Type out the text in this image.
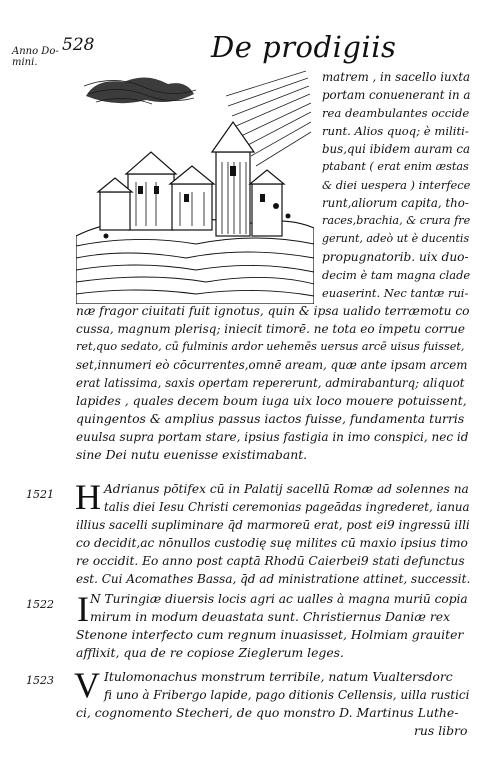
Anno Do-
mini.
528	De prodigiis
matrem , in sacello iuxta
portam conuenerant in a
rea deambulantes occide
runt. Alios quoq; è militi-
bus,qui ibidem auram ca
ptabant ( erat enim æstas
& diei uespera ) interfece
runt,aliorum capita, tho-
races,brachia, & crura fre
gerunt, adeò ut è ducentis
propugnatorib. uix duo-
decim è tam magna clade
euaserint. Nec tantæ rui-
næ fragor ciuitati fuit ignotus, quin & ipsa ualido terræmotu co
cussa, magnum plerisq; iniecit timorē. ne tota eo impetu corrue
ret,quo sedato, cū fulminis ardor uehemēs uersus arcē uisus fuisset,
set,innumeri eò cōcurrentes,omnē aream, quæ ante ipsam arcem
erat latissima, saxis opertam repererunt, admirabanturq; aliquot
lapides , quales decem boum iuga uix loco mouere potuissent,
quingentos & amplius passus iactos fuisse, fundamenta turris
euulsa supra portam stare, ipsius fastigia in imo conspici, nec id
sine Dei nutu euenisse existimabant.
1521 H Adrianus pōtifex cū in Palatij sacellū Romæ ad solennes na
talis diei Iesu Christi ceremonias pageādas ingrederet, ianua
illius sacelli supliminare q̄d marmoreū erat, post ei9 ingressū illi
co decidit,ac nōnullos custodię suę milites cū maxio ipsius timo
re occidit. Eo anno post captā Rhodū Caierbei9 stati defunctus
est. Cui Acomathes Bassa, q̄d ad ministratione attinet, successit.
1522 I N Turingiæ diuersis locis agri ac ualles à magna muriū copia
mirum in modum deuastata sunt. Christiernus Daniæ rex
Stenone interfecto cum regnum inuasisset, Holmiam grauiter
afflixit, qua de re copiose Zieglerum leges.
1523 V Itulomonachus monstrum terribile, natum Vualtersdorc
fi uno à Fribergo lapide, pago ditionis Cellensis, uilla rustici
ci, cognomento Stecheri, de quo monstro D. Martinus Luthe-
rus libro
